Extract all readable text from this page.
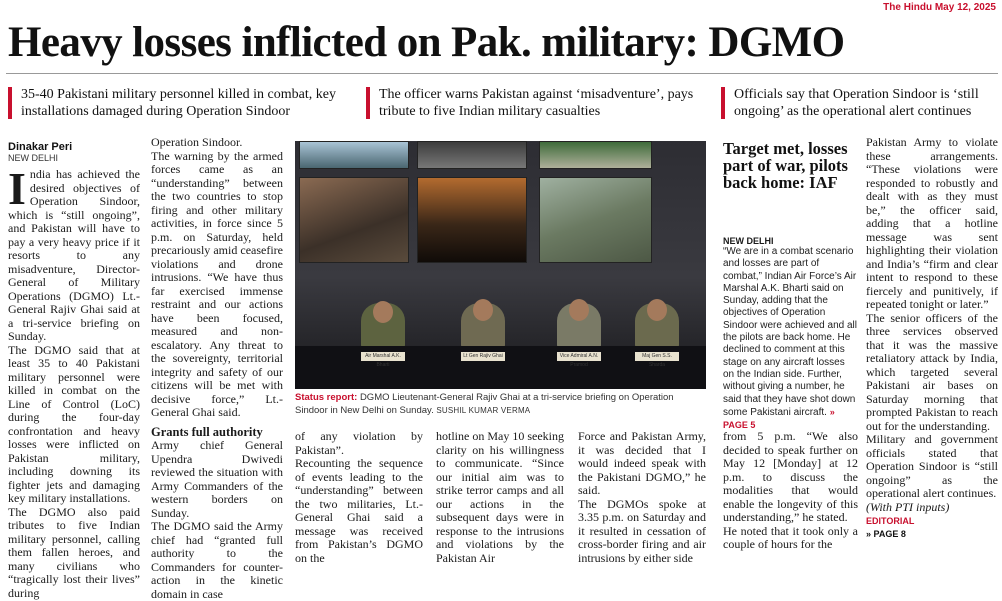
The Hindu May 12, 2025
Heavy losses inflicted on Pak. military: DGMO
35-40 Pakistani military personnel killed in combat, key installations damaged during Operation Sindoor
The officer warns Pakistan against ‘misadventure’, pays tribute to five Indian military casualties
Officials say that Operation Sindoor is ‘still ongoing’ as the operational alert continues
Dinakar Peri
NEW DELHI

India has achieved the desired objectives of Operation Sindoor, which is “still ongoing”, and Pakistan will have to pay a very heavy price if it resorts to any misadventure, Director-General of Military Operations (DGMO) Lt.-General Rajiv Ghai said at a tri-service briefing on Sunday.

The DGMO said that at least 35 to 40 Pakistani military personnel were killed in combat on the Line of Control (LoC) during the four-day confrontation and heavy losses were inflicted on Pakistan military, including downing its fighter jets and damaging key military installations.

The DGMO also paid tributes to five Indian military personnel, calling them fallen heroes, and many civilians who “tragically lost their lives” during

Operation Sindoor.

The warning by the armed forces came as an “understanding” between the two countries to stop firing and other military activities, in force since 5 p.m. on Saturday, held precariously amid ceasefire violations and drone intrusions. “We have thus far exercised immense restraint and our actions have been focused, measured and non-escalatory. Any threat to the sovereignty, territorial integrity and safety of our citizens will be met with decisive force,” Lt.-General Ghai said.

Grants full authority

Army chief General Upendra Dwivedi reviewed the situation with Army Commanders of the western borders on Sunday.

The DGMO said the Army chief had “granted full authority to the Commanders for counter-action in the kinetic domain in case

Air Marshal A.K. Bharti
Lt Gen Rajiv Ghai	Vice Admiral A.N. Pramod
Maj Gen S.S. Sharda
Status report: DGMO Lieutenant-General Rajiv Ghai at a tri-service briefing on Operation Sindoor in New Delhi on Sunday. SUSHIL KUMAR VERMA

of any violation by Pakistan”.

Recounting the sequence of events leading to the “understanding” between the two militaries, Lt.-General Ghai said a message was received from Pakistan’s DGMO on the

hotline on May 10 seeking clarity on his willingness to communicate. “Since our initial aim was to strike terror camps and all our actions in the subsequent days were in response to the intrusions and violations by the Pakistan Air

Force and Pakistan Army, it was decided that I would indeed speak with the Pakistani DGMO,” he said.

The DGMOs spoke at 3.35 p.m. on Saturday and it resulted in cessation of cross-border firing and air intrusions by either side

Target met, losses part of war, pilots back home: IAF
NEW DELHI
“We are in a combat scenario and losses are part of combat,” Indian Air Force’s Air Marshal A.K. Bharti said on Sunday, adding that the objectives of Operation Sindoor were achieved and all the pilots are back home. He declined to comment at this stage on any aircraft losses on the Indian side. Further, without giving a number, he said that they have shot down some Pakistani aircraft. » PAGE 5

from 5 p.m. “We also decided to speak further on May 12 [Monday] at 12 p.m. to discuss the modalities that would enable the longevity of this understanding,” he stated.

He noted that it took only a couple of hours for the

Pakistan Army to violate these arrangements. “These violations were responded to robustly and dealt with as they must be,” the officer said, adding that a hotline message was sent highlighting their violation and India’s “firm and clear intent to respond to these fiercely and punitively, if repeated tonight or later.”

The senior officers of the three services observed that it was the massive retaliatory attack by India, which targeted several Pakistani air bases on Saturday morning that prompted Pakistan to reach out for the understanding.

Military and government officials stated that Operation Sindoor is “still ongoing” as the operational alert continues.

(With PTI inputs)

EDITORIAL
» PAGE 8
